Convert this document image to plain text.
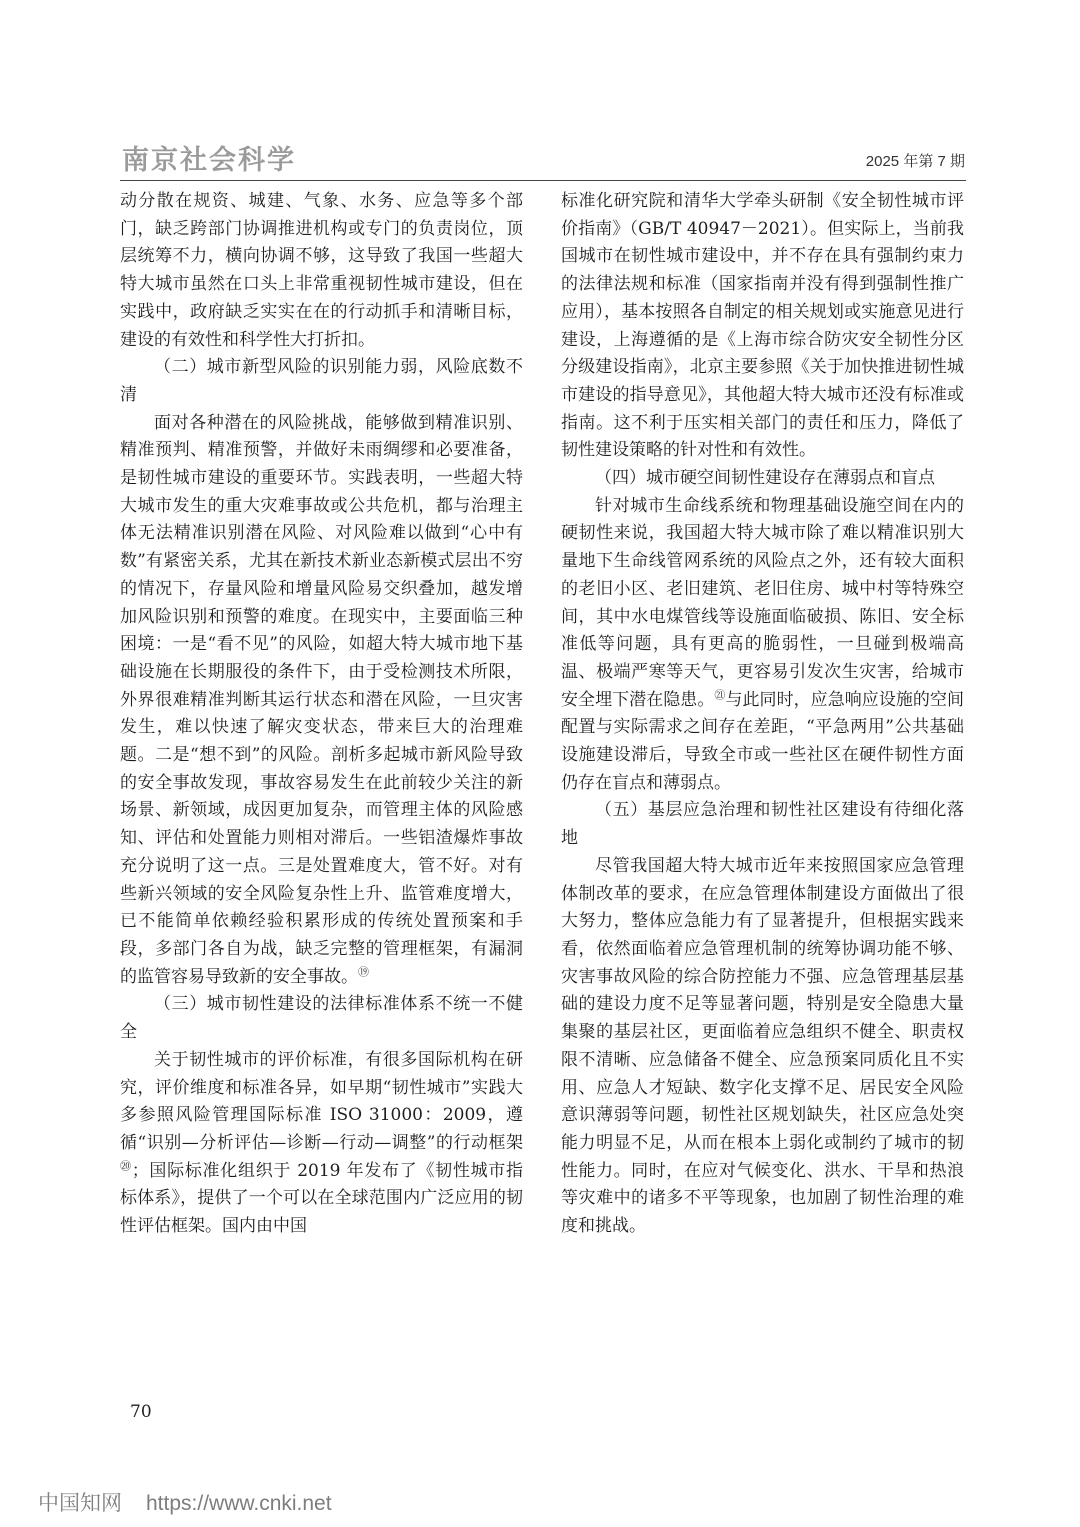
南京社会科学	2025 年第 7 期

动分散在规资、城建、气象、水务、应急等多个部门，缺乏跨部门协调推进机构或专门的负责岗位，顶层统筹不力，横向协调不够，这导致了我国一些超大特大城市虽然在口头上非常重视韧性城市建设，但在实践中，政府缺乏实实在在的行动抓手和清晰目标，建设的有效性和科学性大打折扣。

（二）城市新型风险的识别能力弱，风险底数不清

面对各种潜在的风险挑战，能够做到精准识别、精准预判、精准预警，并做好未雨绸缪和必要准备，是韧性城市建设的重要环节。实践表明，一些超大特大城市发生的重大灾难事故或公共危机，都与治理主体无法精准识别潜在风险、对风险难以做到“心中有数”有紧密关系，尤其在新技术新业态新模式层出不穷的情况下，存量风险和增量风险易交织叠加，越发增加风险识别和预警的难度。在现实中，主要面临三种困境：一是“看不见”的风险，如超大特大城市地下基础设施在长期服役的条件下，由于受检测技术所限，外界很难精准判断其运行状态和潜在风险，一旦灾害发生，难以快速了解灾变状态，带来巨大的治理难题。二是“想不到”的风险。剖析多起城市新风险导致的安全事故发现，事故容易发生在此前较少关注的新场景、新领域，成因更加复杂，而管理主体的风险感知、评估和处置能力则相对滞后。一些铝渣爆炸事故充分说明了这一点。三是处置难度大，管不好。对有些新兴领域的安全风险复杂性上升、监管难度增大，已不能简单依赖经验积累形成的传统处置预案和手段，多部门各自为战，缺乏完整的管理框架，有漏洞的监管容易导致新的安全事故。⑲

（三）城市韧性建设的法律标准体系不统一不健全

关于韧性城市的评价标准，有很多国际机构在研究，评价维度和标准各异，如早期“韧性城市”实践大多参照风险管理国际标准 ISO 31000：2009，遵循“识别—分析评估—诊断—行动—调整”的行动框架⑳；国际标准化组织于 2019 年发布了《韧性城市指标体系》，提供了一个可以在全球范围内广泛应用的韧性评估框架。国内由中国

标准化研究院和清华大学牵头研制《安全韧性城市评价指南》（GB/T 40947－2021）。但实际上，当前我国城市在韧性城市建设中，并不存在具有强制约束力的法律法规和标准（国家指南并没有得到强制性推广应用），基本按照各自制定的相关规划或实施意见进行建设，上海遵循的是《上海市综合防灾安全韧性分区分级建设指南》，北京主要参照《关于加快推进韧性城市建设的指导意见》，其他超大特大城市还没有标准或指南。这不利于压实相关部门的责任和压力，降低了韧性建设策略的针对性和有效性。

（四）城市硬空间韧性建设存在薄弱点和盲点

针对城市生命线系统和物理基础设施空间在内的硬韧性来说，我国超大特大城市除了难以精准识别大量地下生命线管网系统的风险点之外，还有较大面积的老旧小区、老旧建筑、老旧住房、城中村等特殊空间，其中水电煤管线等设施面临破损、陈旧、安全标准低等问题，具有更高的脆弱性，一旦碰到极端高温、极端严寒等天气，更容易引发次生灾害，给城市安全埋下潜在隐患。$^㉑$与此同时，应急响应设施的空间配置与实际需求之间存在差距，“平急两用”公共基础设施建设滞后，导致全市或一些社区在硬件韧性方面仍存在盲点和薄弱点。

（五）基层应急治理和韧性社区建设有待细化落地

尽管我国超大特大城市近年来按照国家应急管理体制改革的要求，在应急管理体制建设方面做出了很大努力，整体应急能力有了显著提升，但根据实践来看，依然面临着应急管理机制的统筹协调功能不够、灾害事故风险的综合防控能力不强、应急管理基层基础的建设力度不足等显著问题，特别是安全隐患大量集聚的基层社区，更面临着应急组织不健全、职责权限不清晰、应急储备不健全、应急预案同质化且不实用、应急人才短缺、数字化支撑不足、居民安全风险意识薄弱等问题，韧性社区规划缺失，社区应急处突能力明显不足，从而在根本上弱化或制约了城市的韧性能力。同时，在应对气候变化、洪水、干旱和热浪等灾难中的诸多不平等现象，也加剧了韧性治理的难度和挑战。

70
中国知网 https://www.cnki.net
